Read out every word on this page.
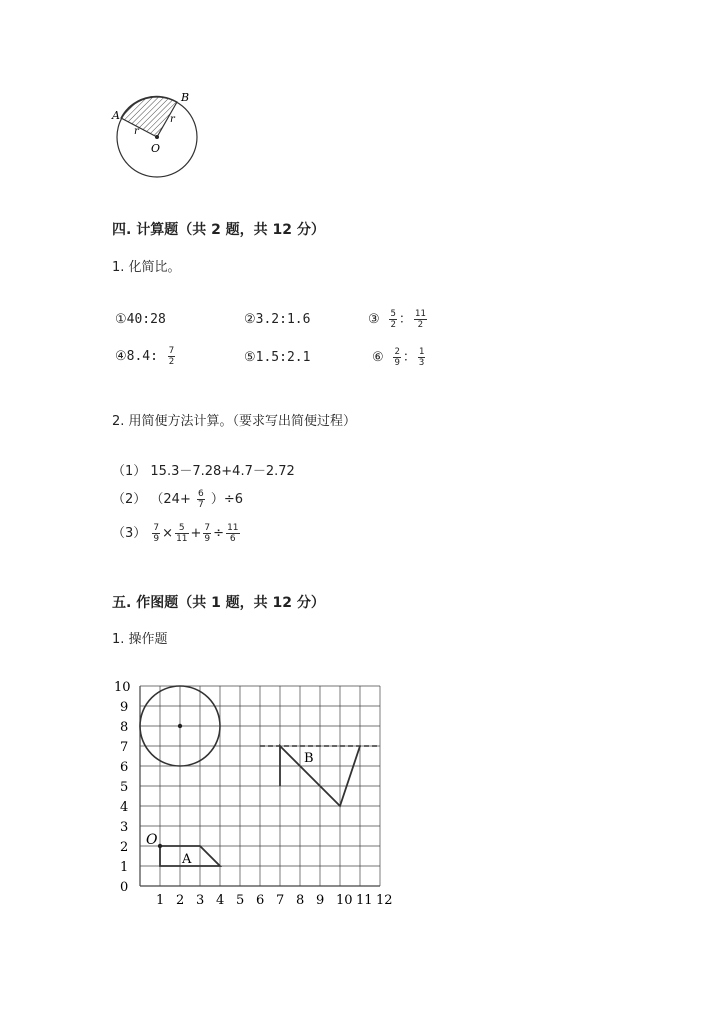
A
B
O
r
r
四. 计算题（共 2 题，共 12 分）
1. 化简比。
①40:28	②3.2:1.6	③ $\frac{5}{2}$ ： $\frac{11}{2}$
④8.4: $\frac{7}{2}$	⑤1.5:2.1	⑥ $\frac{2}{9}$ ： $\frac{1}{3}$
2. 用简便方法计算。（要求写出简便过程）
（1） 15.3－7.28+4.7－2.72
（2） $(24+ \frac{6}{7} )\div 6$
$(3) \frac{7}{9} \times \frac{5}{11} + \frac{7}{9} \div \frac{11}{6}$
五. 作图题（共 1 题，共 12 分）
1. 操作题
1 2 3 4 5 6 7 8 9 10 11 12
0
1
2
3
4
5
6
7
8
9
10
O
A
B
